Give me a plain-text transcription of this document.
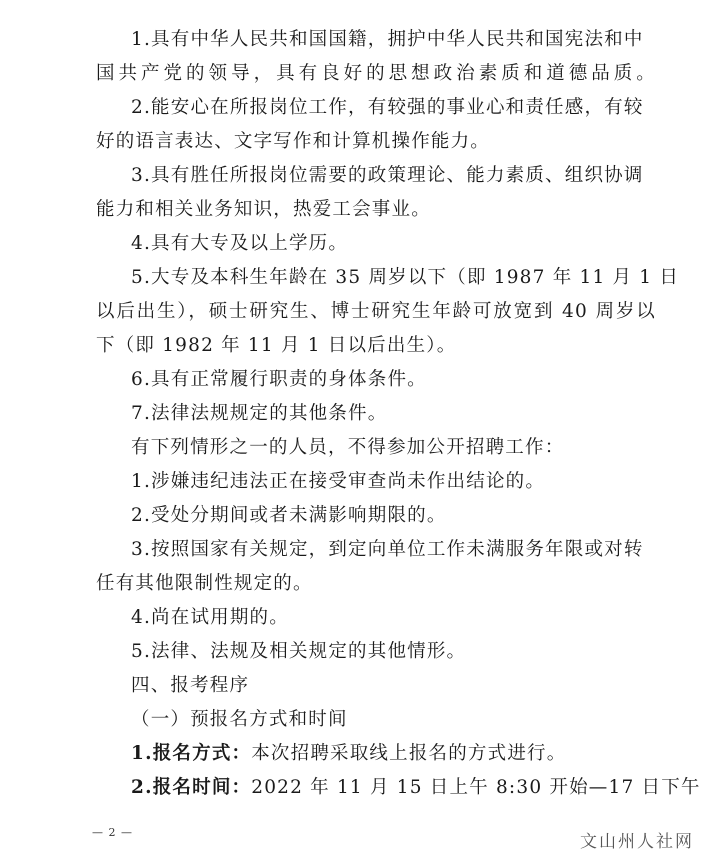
1.具有中华人民共和国国籍，拥护中华人民共和国宪法和中
国共产党的领导，具有良好的思想政治素质和道德品质。
2.能安心在所报岗位工作，有较强的事业心和责任感，有较
好的语言表达、文字写作和计算机操作能力。
3.具有胜任所报岗位需要的政策理论、能力素质、组织协调
能力和相关业务知识，热爱工会事业。
4.具有大专及以上学历。
5.大专及本科生年龄在 35 周岁以下（即 1987 年 11 月 1 日
以后出生），硕士研究生、博士研究生年龄可放宽到 40 周岁以
下（即 1982 年 11 月 1 日以后出生）。
6.具有正常履行职责的身体条件。
7.法律法规规定的其他条件。
有下列情形之一的人员，不得参加公开招聘工作：
1.涉嫌违纪违法正在接受审查尚未作出结论的。
2.受处分期间或者未满影响期限的。
3.按照国家有关规定，到定向单位工作未满服务年限或对转
任有其他限制性规定的。
4.尚在试用期的。
5.法律、法规及相关规定的其他情形。
四、报考程序
（一）预报名方式和时间
1.报名方式：本次招聘采取线上报名的方式进行。
2.报名时间：2022 年 11 月 15 日上午 8:30 开始—17 日下午
— 2 —	文山州人社网
